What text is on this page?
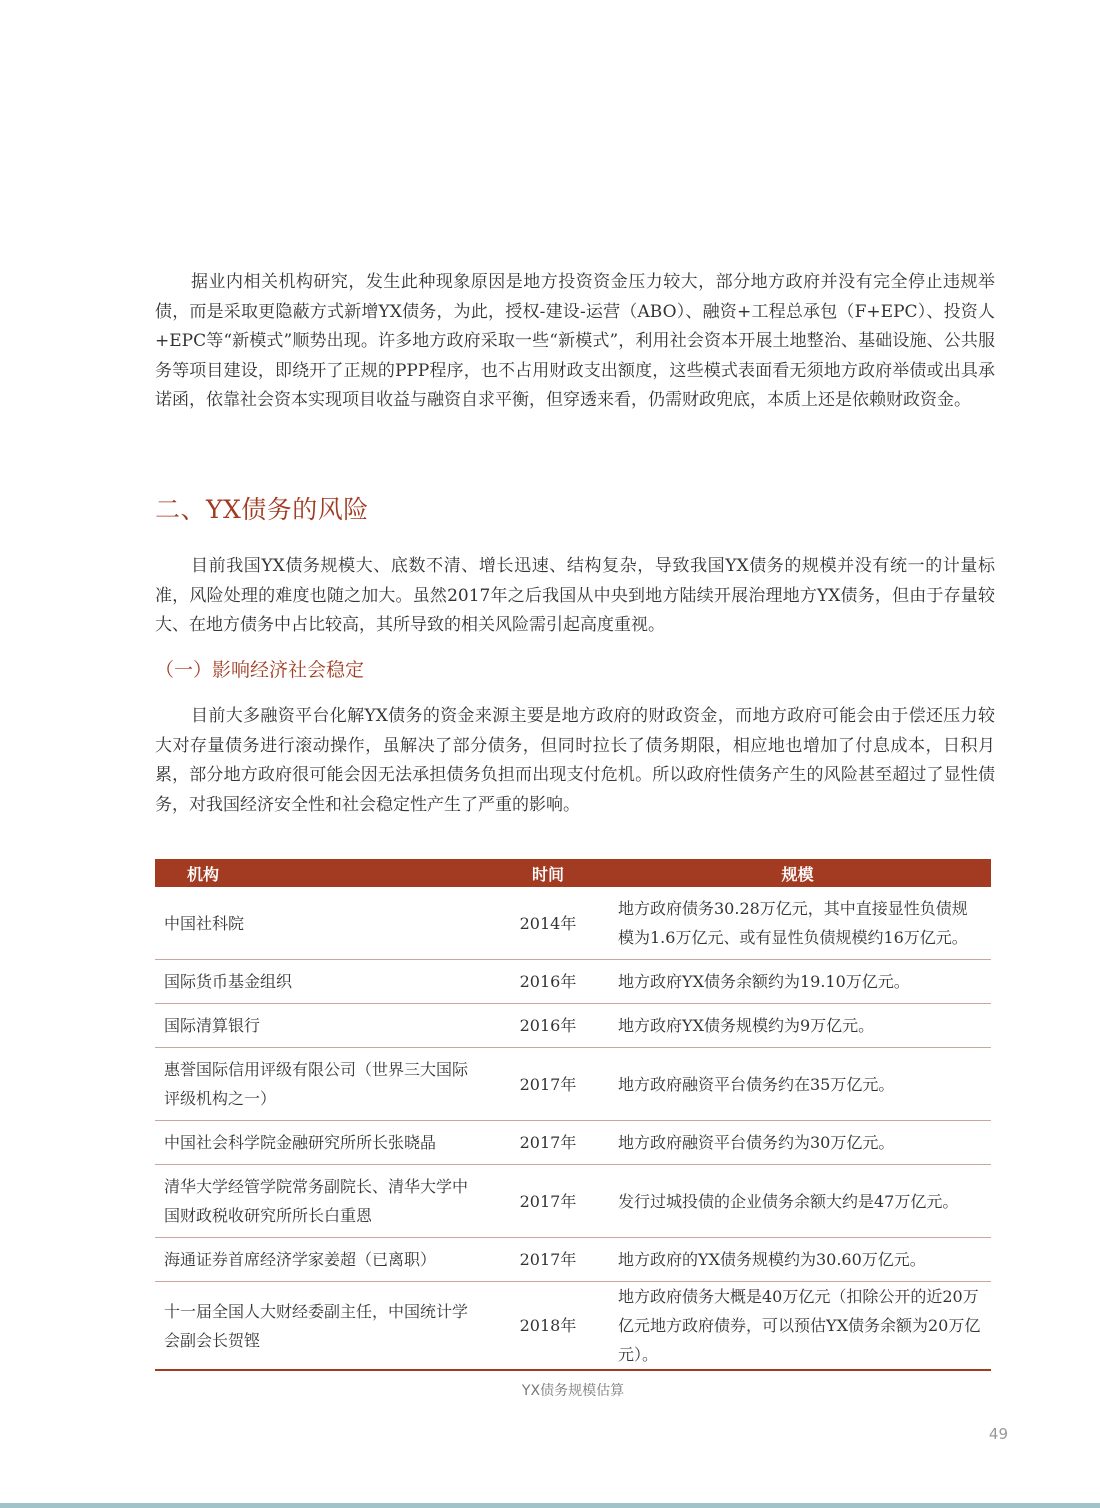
据业内相关机构研究，发生此种现象原因是地方投资资金压力较大，部分地方政府并没有完全停止违规举债，而是采取更隐蔽方式新增YX债务，为此，授权-建设-运营（ABO）、融资+工程总承包（F+EPC）、投资人+EPC等“新模式”顺势出现。许多地方政府采取一些“新模式”，利用社会资本开展土地整治、基础设施、公共服务等项目建设，即绕开了正规的PPP程序，也不占用财政支出额度，这些模式表面看无须地方政府举债或出具承诺函，依靠社会资本实现项目收益与融资自求平衡，但穿透来看，仍需财政兜底，本质上还是依赖财政资金。

二、YX债务的风险

目前我国YX债务规模大、底数不清、增长迅速、结构复杂，导致我国YX债务的规模并没有统一的计量标准，风险处理的难度也随之加大。虽然2017年之后我国从中央到地方陆续开展治理地方YX债务，但由于存量较大、在地方债务中占比较高，其所导致的相关风险需引起高度重视。

（一）影响经济社会稳定

目前大多融资平台化解YX债务的资金来源主要是地方政府的财政资金，而地方政府可能会由于偿还压力较大对存量债务进行滚动操作，虽解决了部分债务，但同时拉长了债务期限，相应地也增加了付息成本，日积月累，部分地方政府很可能会因无法承担债务负担而出现支付危机。所以政府性债务产生的风险甚至超过了显性债务，对我国经济安全性和社会稳定性产生了严重的影响。

机构	时间	规模
中国社科院	2014年	地方政府债务30.28万亿元，其中直接显性负债规模为1.6万亿元、或有显性负债规模约16万亿元。
国际货币基金组织	2016年	地方政府YX债务余额约为19.10万亿元。
国际清算银行	2016年	地方政府YX债务规模约为9万亿元。
惠誉国际信用评级有限公司（世界三大国际评级机构之一）	2017年	地方政府融资平台债务约在35万亿元。
中国社会科学院金融研究所所长张晓晶	2017年	地方政府融资平台债务约为30万亿元。
清华大学经管学院常务副院长、清华大学中国财政税收研究所所长白重恩	2017年	发行过城投债的企业债务余额大约是47万亿元。
海通证券首席经济学家姜超（已离职）	2017年	地方政府的YX债务规模约为30.60万亿元。
十一届全国人大财经委副主任，中国统计学会副会长贺铿	2018年	地方政府债务大概是40万亿元（扣除公开的近20万亿元地方政府债券，可以预估YX债务余额为20万亿元）。
YX债务规模估算
49
